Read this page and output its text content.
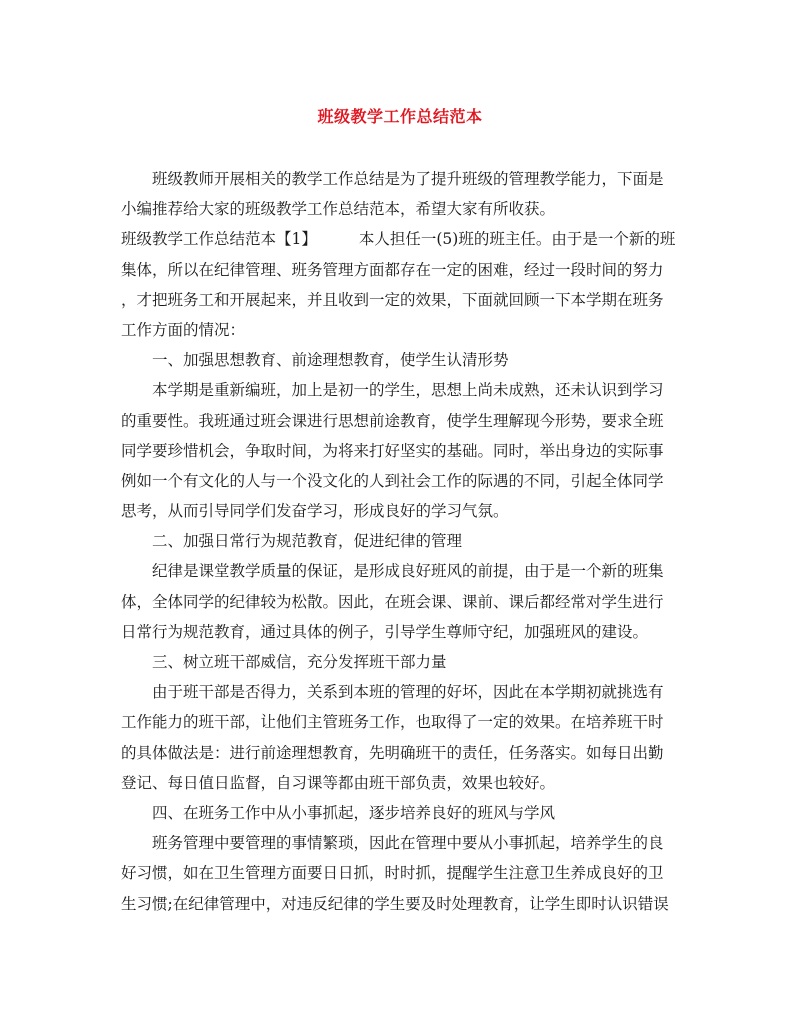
班级教学工作总结范本
班级教师开展相关的教学工作总结是为了提升班级的管理教学能力，下面是
小编推荐给大家的班级教学工作总结范本，希望大家有所收获。
班级教学工作总结范本【1】	本人担任一(5)班的班主任。由于是一个新的班
集体，所以在纪律管理、班务管理方面都存在一定的困难，经过一段时间的努力
，才把班务工和开展起来，并且收到一定的效果，下面就回顾一下本学期在班务
工作方面的情况：
一、加强思想教育、前途理想教育，使学生认清形势
本学期是重新编班，加上是初一的学生，思想上尚未成熟，还未认识到学习
的重要性。我班通过班会课进行思想前途教育，使学生理解现今形势，要求全班
同学要珍惜机会，争取时间，为将来打好坚实的基础。同时，举出身边的实际事
例如一个有文化的人与一个没文化的人到社会工作的际遇的不同，引起全体同学
思考，从而引导同学们发奋学习，形成良好的学习气氛。
二、加强日常行为规范教育，促进纪律的管理
纪律是课堂教学质量的保证，是形成良好班风的前提，由于是一个新的班集
体，全体同学的纪律较为松散。因此，在班会课、课前、课后都经常对学生进行
日常行为规范教育，通过具体的例子，引导学生尊师守纪，加强班风的建设。
三、树立班干部威信，充分发挥班干部力量
由于班干部是否得力，关系到本班的管理的好坏，因此在本学期初就挑选有
工作能力的班干部，让他们主管班务工作，也取得了一定的效果。在培养班干时
的具体做法是：进行前途理想教育，先明确班干的责任，任务落实。如每日出勤
登记、每日值日监督，自习课等都由班干部负责，效果也较好。
四、在班务工作中从小事抓起，逐步培养良好的班风与学风
班务管理中要管理的事情繁琐，因此在管理中要从小事抓起，培养学生的良
好习惯，如在卫生管理方面要日日抓，时时抓，提醒学生注意卫生养成良好的卫
生习惯;在纪律管理中，对违反纪律的学生要及时处理教育，让学生即时认识错误
